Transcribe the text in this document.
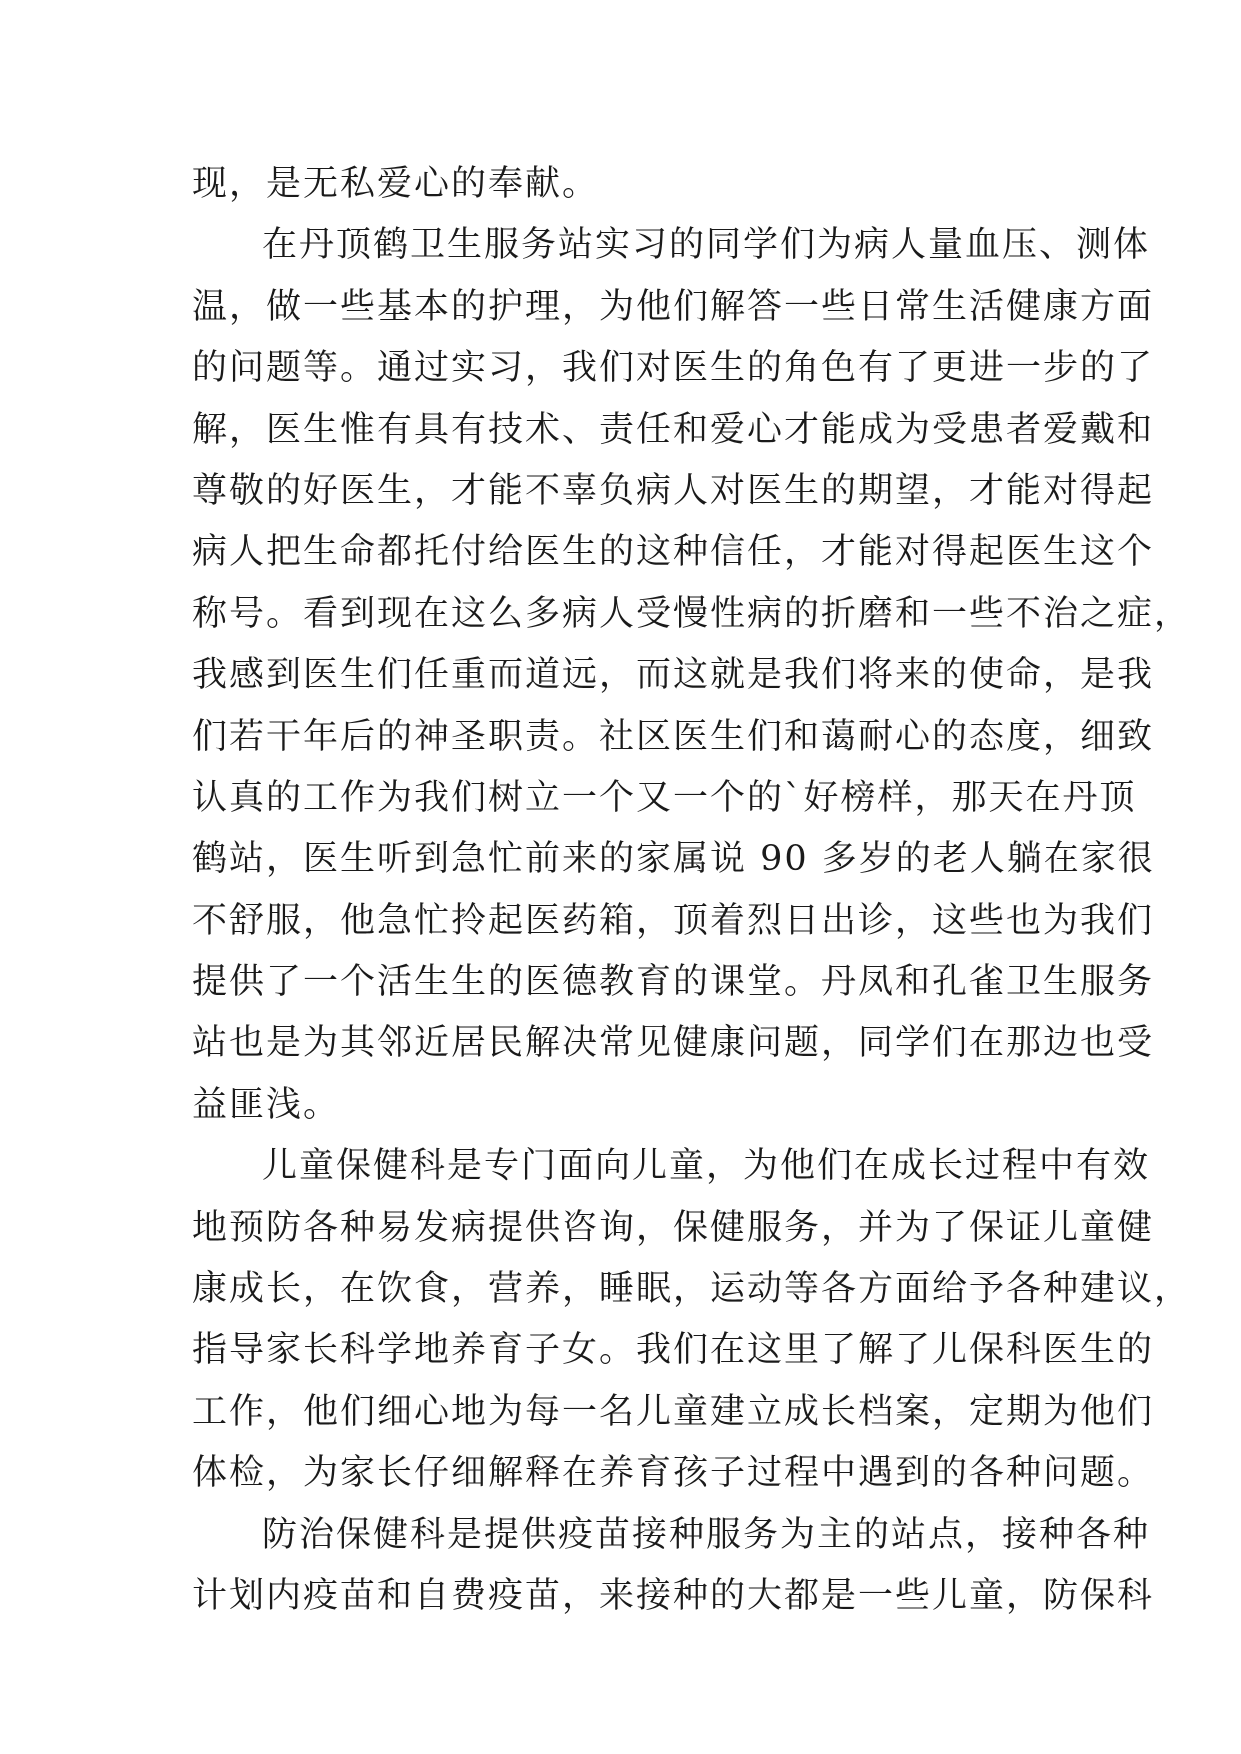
现，是无私爱心的奉献。
在丹顶鹤卫生服务站实习的同学们为病人量血压、测体
温，做一些基本的护理，为他们解答一些日常生活健康方面
的问题等。通过实习，我们对医生的角色有了更进一步的了
解，医生惟有具有技术、责任和爱心才能成为受患者爱戴和
尊敬的好医生，才能不辜负病人对医生的期望，才能对得起
病人把生命都托付给医生的这种信任，才能对得起医生这个
称号。看到现在这么多病人受慢性病的折磨和一些不治之症，
我感到医生们任重而道远，而这就是我们将来的使命，是我
们若干年后的神圣职责。社区医生们和蔼耐心的态度，细致
认真的工作为我们树立一个又一个的`好榜样，那天在丹顶
鹤站，医生听到急忙前来的家属说 90 多岁的老人躺在家很
不舒服，他急忙拎起医药箱，顶着烈日出诊，这些也为我们
提供了一个活生生的医德教育的课堂。丹凤和孔雀卫生服务
站也是为其邻近居民解决常见健康问题，同学们在那边也受
益匪浅。
儿童保健科是专门面向儿童，为他们在成长过程中有效
地预防各种易发病提供咨询，保健服务，并为了保证儿童健
康成长，在饮食，营养，睡眠，运动等各方面给予各种建议，
指导家长科学地养育子女。我们在这里了解了儿保科医生的
工作，他们细心地为每一名儿童建立成长档案，定期为他们
体检，为家长仔细解释在养育孩子过程中遇到的各种问题。
防治保健科是提供疫苗接种服务为主的站点，接种各种
计划内疫苗和自费疫苗，来接种的大都是一些儿童，防保科
